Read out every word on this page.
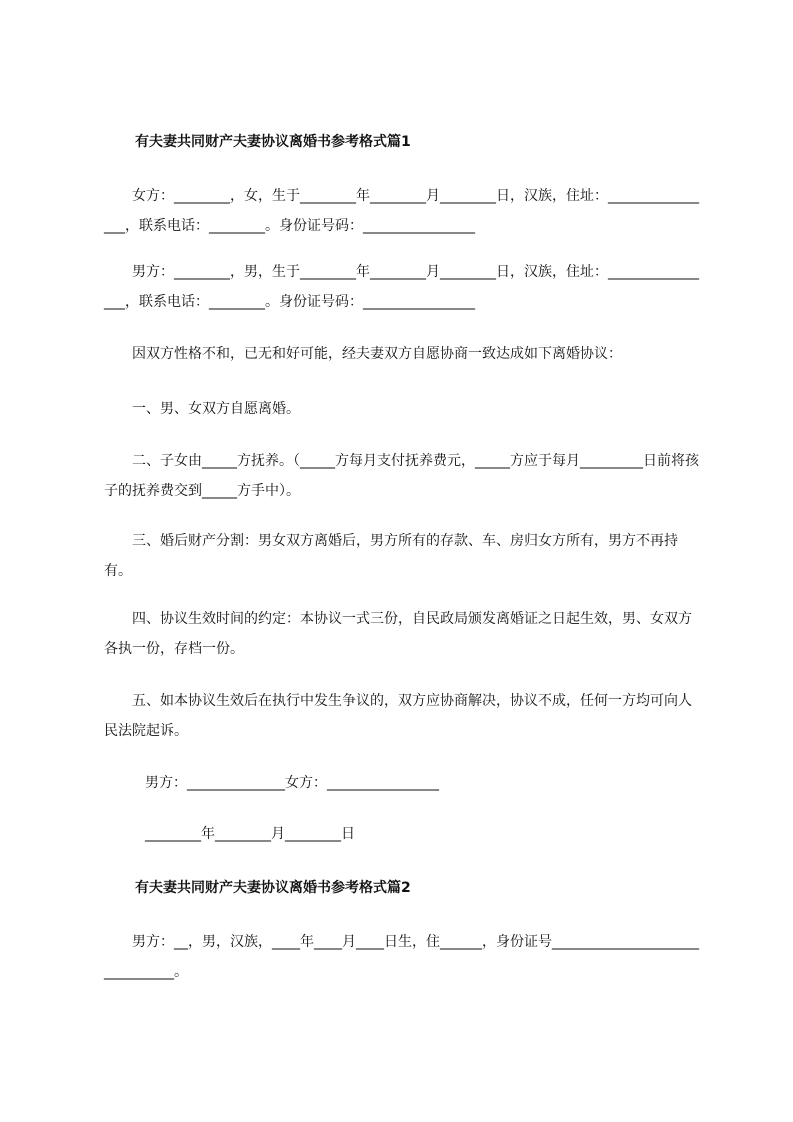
有夫妻共同财产夫妻协议离婚书参考格式篇1

女方：________，女，生于________年________月________日，汉族，住址：________________，联系电话：________。身份证号码：________________

男方：________，男，生于________年________月________日，汉族，住址：________________，联系电话：________。身份证号码：________________

因双方性格不和，已无和好可能，经夫妻双方自愿协商一致达成如下离婚协议：

一、男、女双方自愿离婚。

二、子女由_____方抚养。（_____方每月支付抚养费元，_____方应于每月_________日前将孩子的抚养费交到_____方手中）。

三、婚后财产分割：男女双方离婚后，男方所有的存款、车、房归女方所有，男方不再持有。

四、协议生效时间的约定：本协议一式三份，自民政局颁发离婚证之日起生效，男、女双方各执一份，存档一份。

五、如本协议生效后在执行中发生争议的，双方应协商解决，协议不成，任何一方均可向人民法院起诉。

男方：______________女方：________________

________年________月________日

有夫妻共同财产夫妻协议离婚书参考格式篇2

男方：__，男，汉族，____年____月____日生，住______，身份证号_______________________________。
